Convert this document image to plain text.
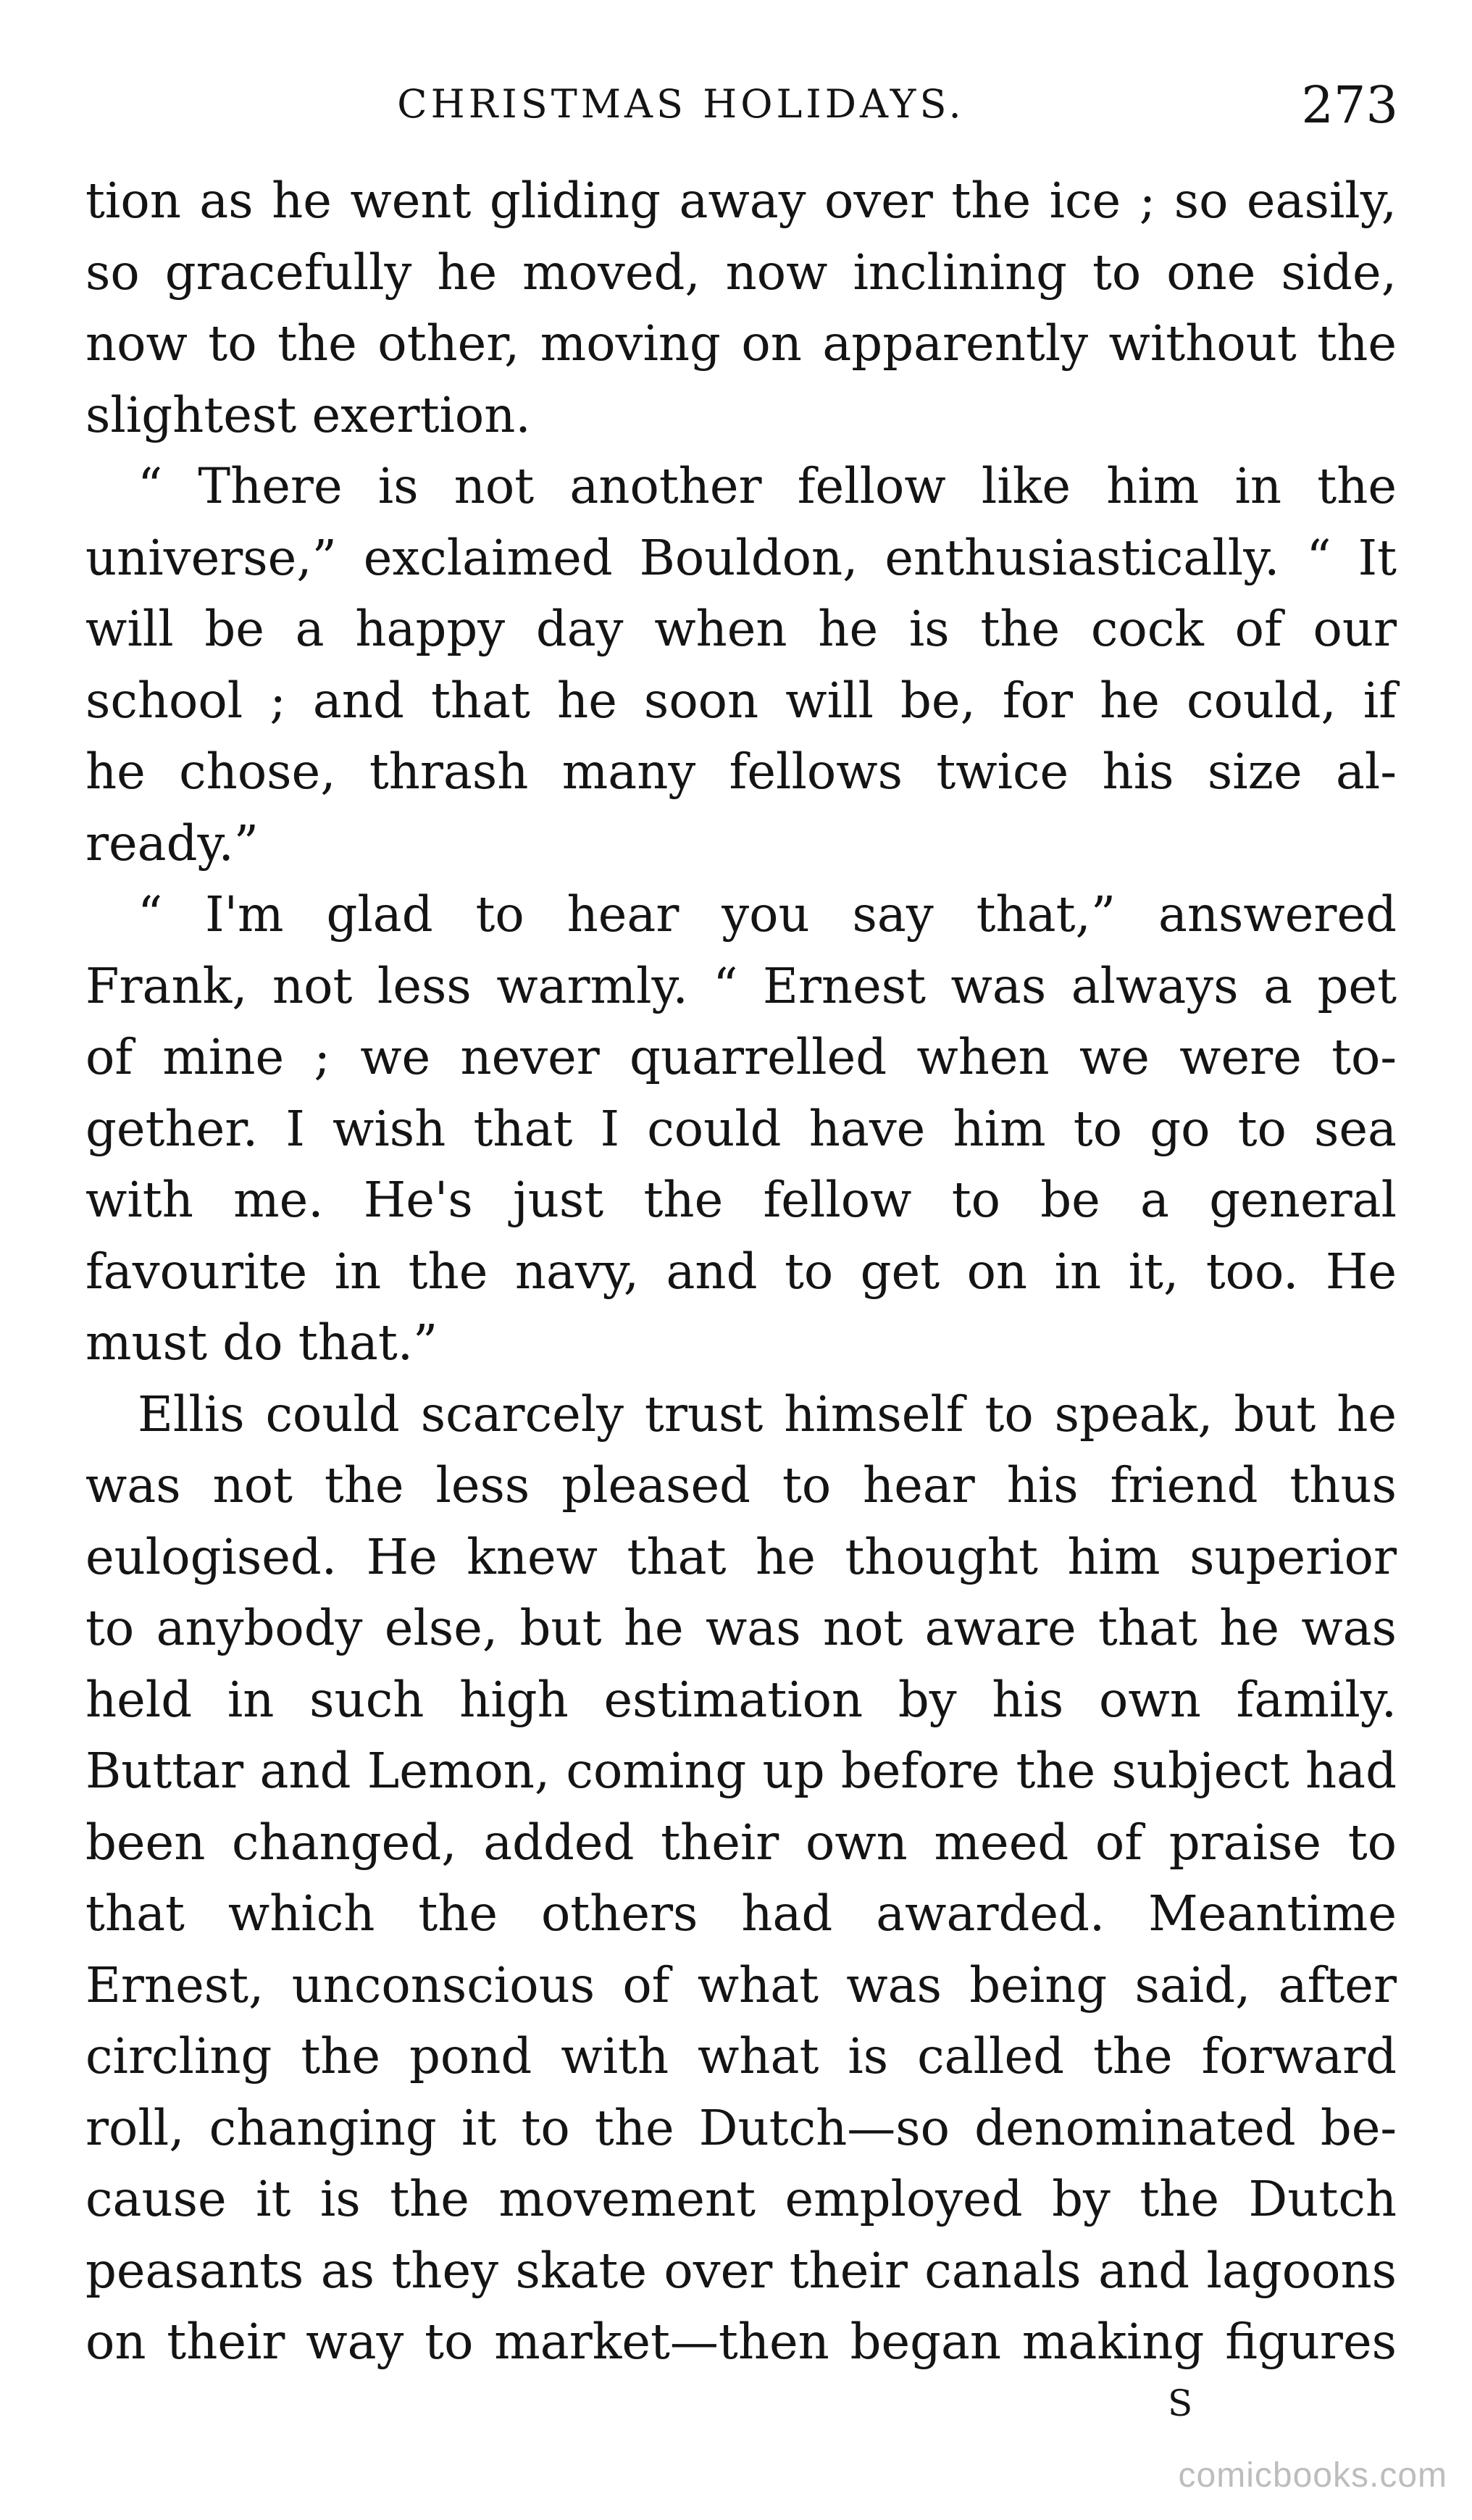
CHRISTMAS HOLIDAYS.	273
tion as he went gliding away over the ice ; so easily,
so gracefully he moved, now inclining to one side,
now to the other, moving on apparently without the
slightest exertion.
“ There is not another fellow like him in the
universe,” exclaimed Bouldon, enthusiastically. “ It
will be a happy day when he is the cock of our
school ; and that he soon will be, for he could, if
he chose, thrash many fellows twice his size al-
ready.”
“ I'm glad to hear you say that,” answered
Frank, not less warmly. “ Ernest was always a pet
of mine ; we never quarrelled when we were to-
gether. I wish that I could have him to go to sea
with me. He's just the fellow to be a general
favourite in the navy, and to get on in it, too. He
must do that.”
Ellis could scarcely trust himself to speak, but he
was not the less pleased to hear his friend thus
eulogised. He knew that he thought him superior
to anybody else, but he was not aware that he was
held in such high estimation by his own family.
Buttar and Lemon, coming up before the subject had
been changed, added their own meed of praise to
that which the others had awarded. Meantime
Ernest, unconscious of what was being said, after
circling the pond with what is called the forward
roll, changing it to the Dutch—so denominated be-
cause it is the movement employed by the Dutch
peasants as they skate over their canals and lagoons
on their way to market—then began making figures
S
comicbooks.com
